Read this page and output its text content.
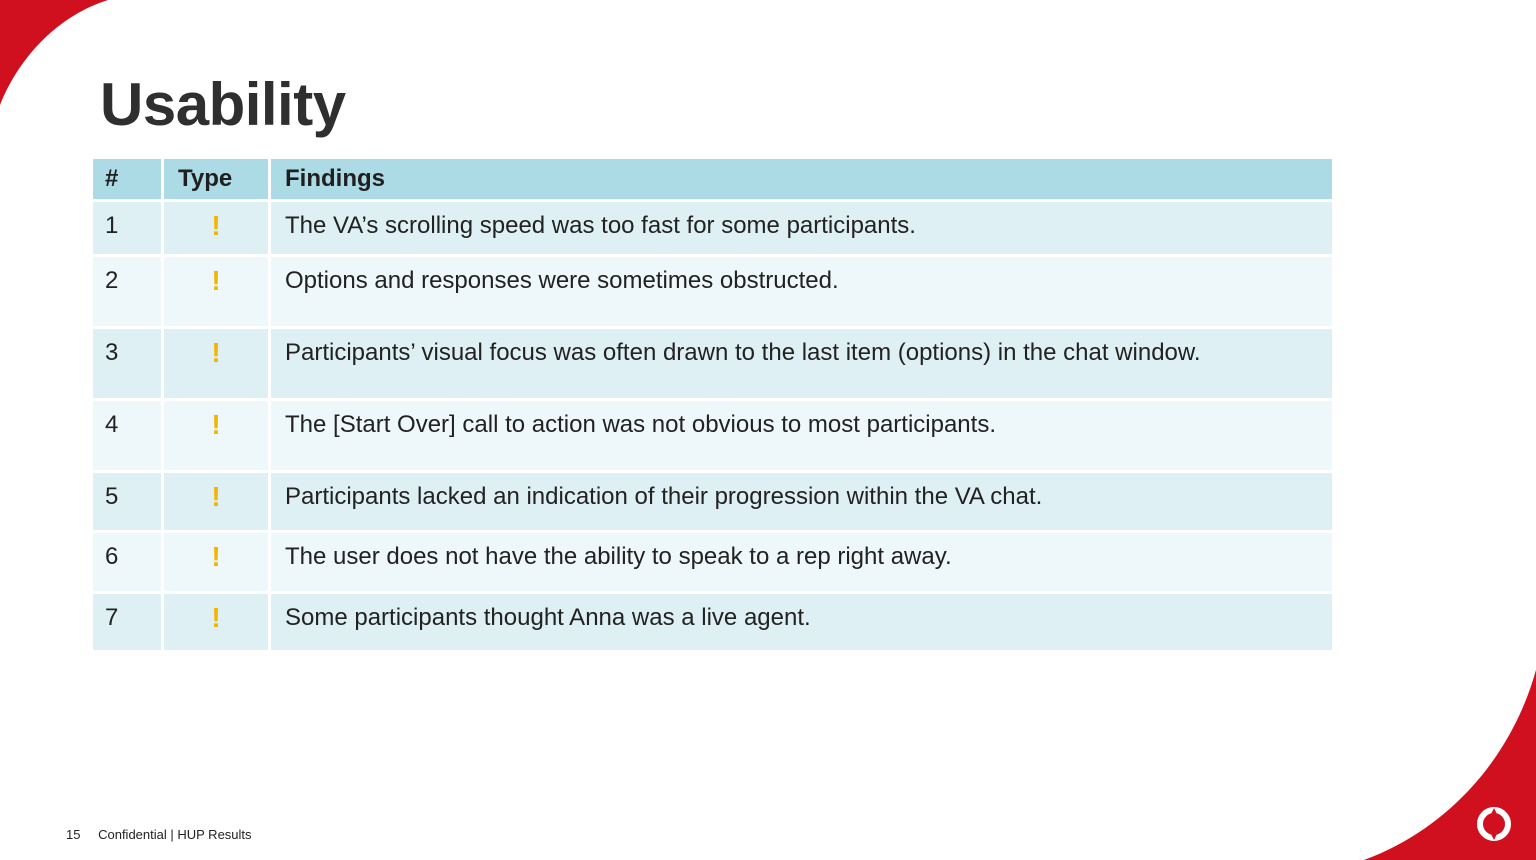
Usability
#	Type	Findings
1	!	The VA’s scrolling speed was too fast for some participants.
2	!	Options and responses were sometimes obstructed.
3	!	Participants’ visual focus was often drawn to the last item (options) in the chat window.
4	!	The [Start Over] call to action was not obvious to most participants.
5	!	Participants lacked an indication of their progression within the VA chat.
6	!	The user does not have the ability to speak to a rep right away.
7	!	Some participants thought Anna was a live agent.
15 Confidential | HUP Results
